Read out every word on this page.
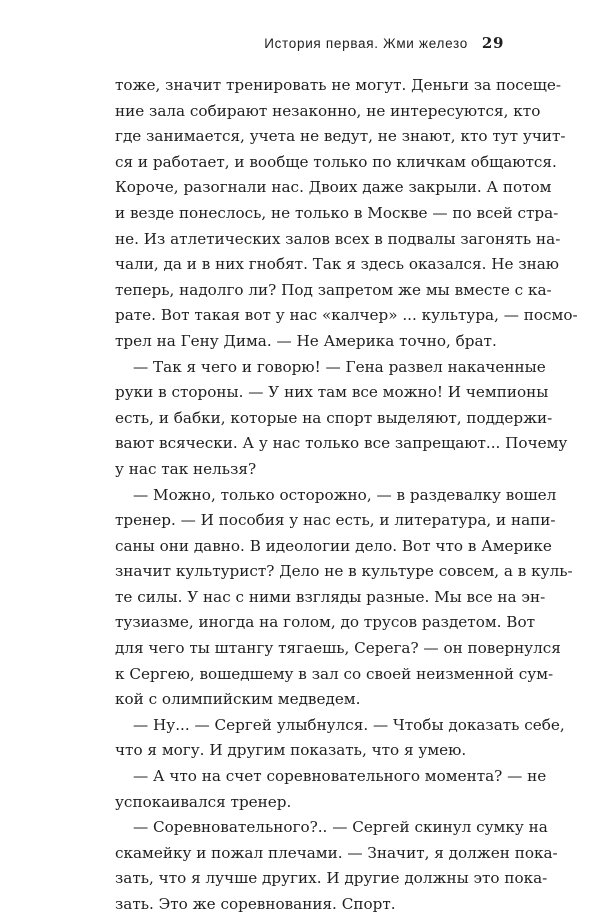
История первая. Жми железо 29
тоже, значит тренировать не могут. Деньги за посеще-
ние зала собирают незаконно, не интересуются, кто
где занимается, учета не ведут, не знают, кто тут учит-
ся и работает, и вообще только по кличкам общаются.
Короче, разогнали нас. Двоих даже закрыли. А потом
и везде понеслось, не только в Москве — по всей стра-
не. Из атлетических залов всех в подвалы загонять на-
чали, да и в них гнобят. Так я здесь оказался. Не знаю
теперь, надолго ли? Под запретом же мы вместе с ка-
рате. Вот такая вот у нас «калчер» ... культура, — посмо-
трел на Гену Дима. — Не Америка точно, брат.
— Так я чего и говорю! — Гена развел накаченные
руки в стороны. — У них там все можно! И чемпионы
есть, и бабки, которые на спорт выделяют, поддержи-
вают всячески. А у нас только все запрещают... Почему
у нас так нельзя?
— Можно, только осторожно, — в раздевалку вошел
тренер. — И пособия у нас есть, и литература, и напи-
саны они давно. В идеологии дело. Вот что в Америке
значит культурист? Дело не в культуре совсем, а в куль-
те силы. У нас с ними взгляды разные. Мы все на эн-
тузиазме, иногда на голом, до трусов раздетом. Вот
для чего ты штангу тягаешь, Серега? — он повернулся
к Сергею, вошедшему в зал со своей неизменной сум-
кой с олимпийским медведем.
— Ну... — Сергей улыбнулся. — Чтобы доказать себе,
что я могу. И другим показать, что я умею.
— А что на счет соревновательного момента? — не
успокаивался тренер.
— Соревновательного?.. — Сергей скинул сумку на
скамейку и пожал плечами. — Значит, я должен пока-
зать, что я лучше других. И другие должны это пока-
зать. Это же соревнования. Спорт.
